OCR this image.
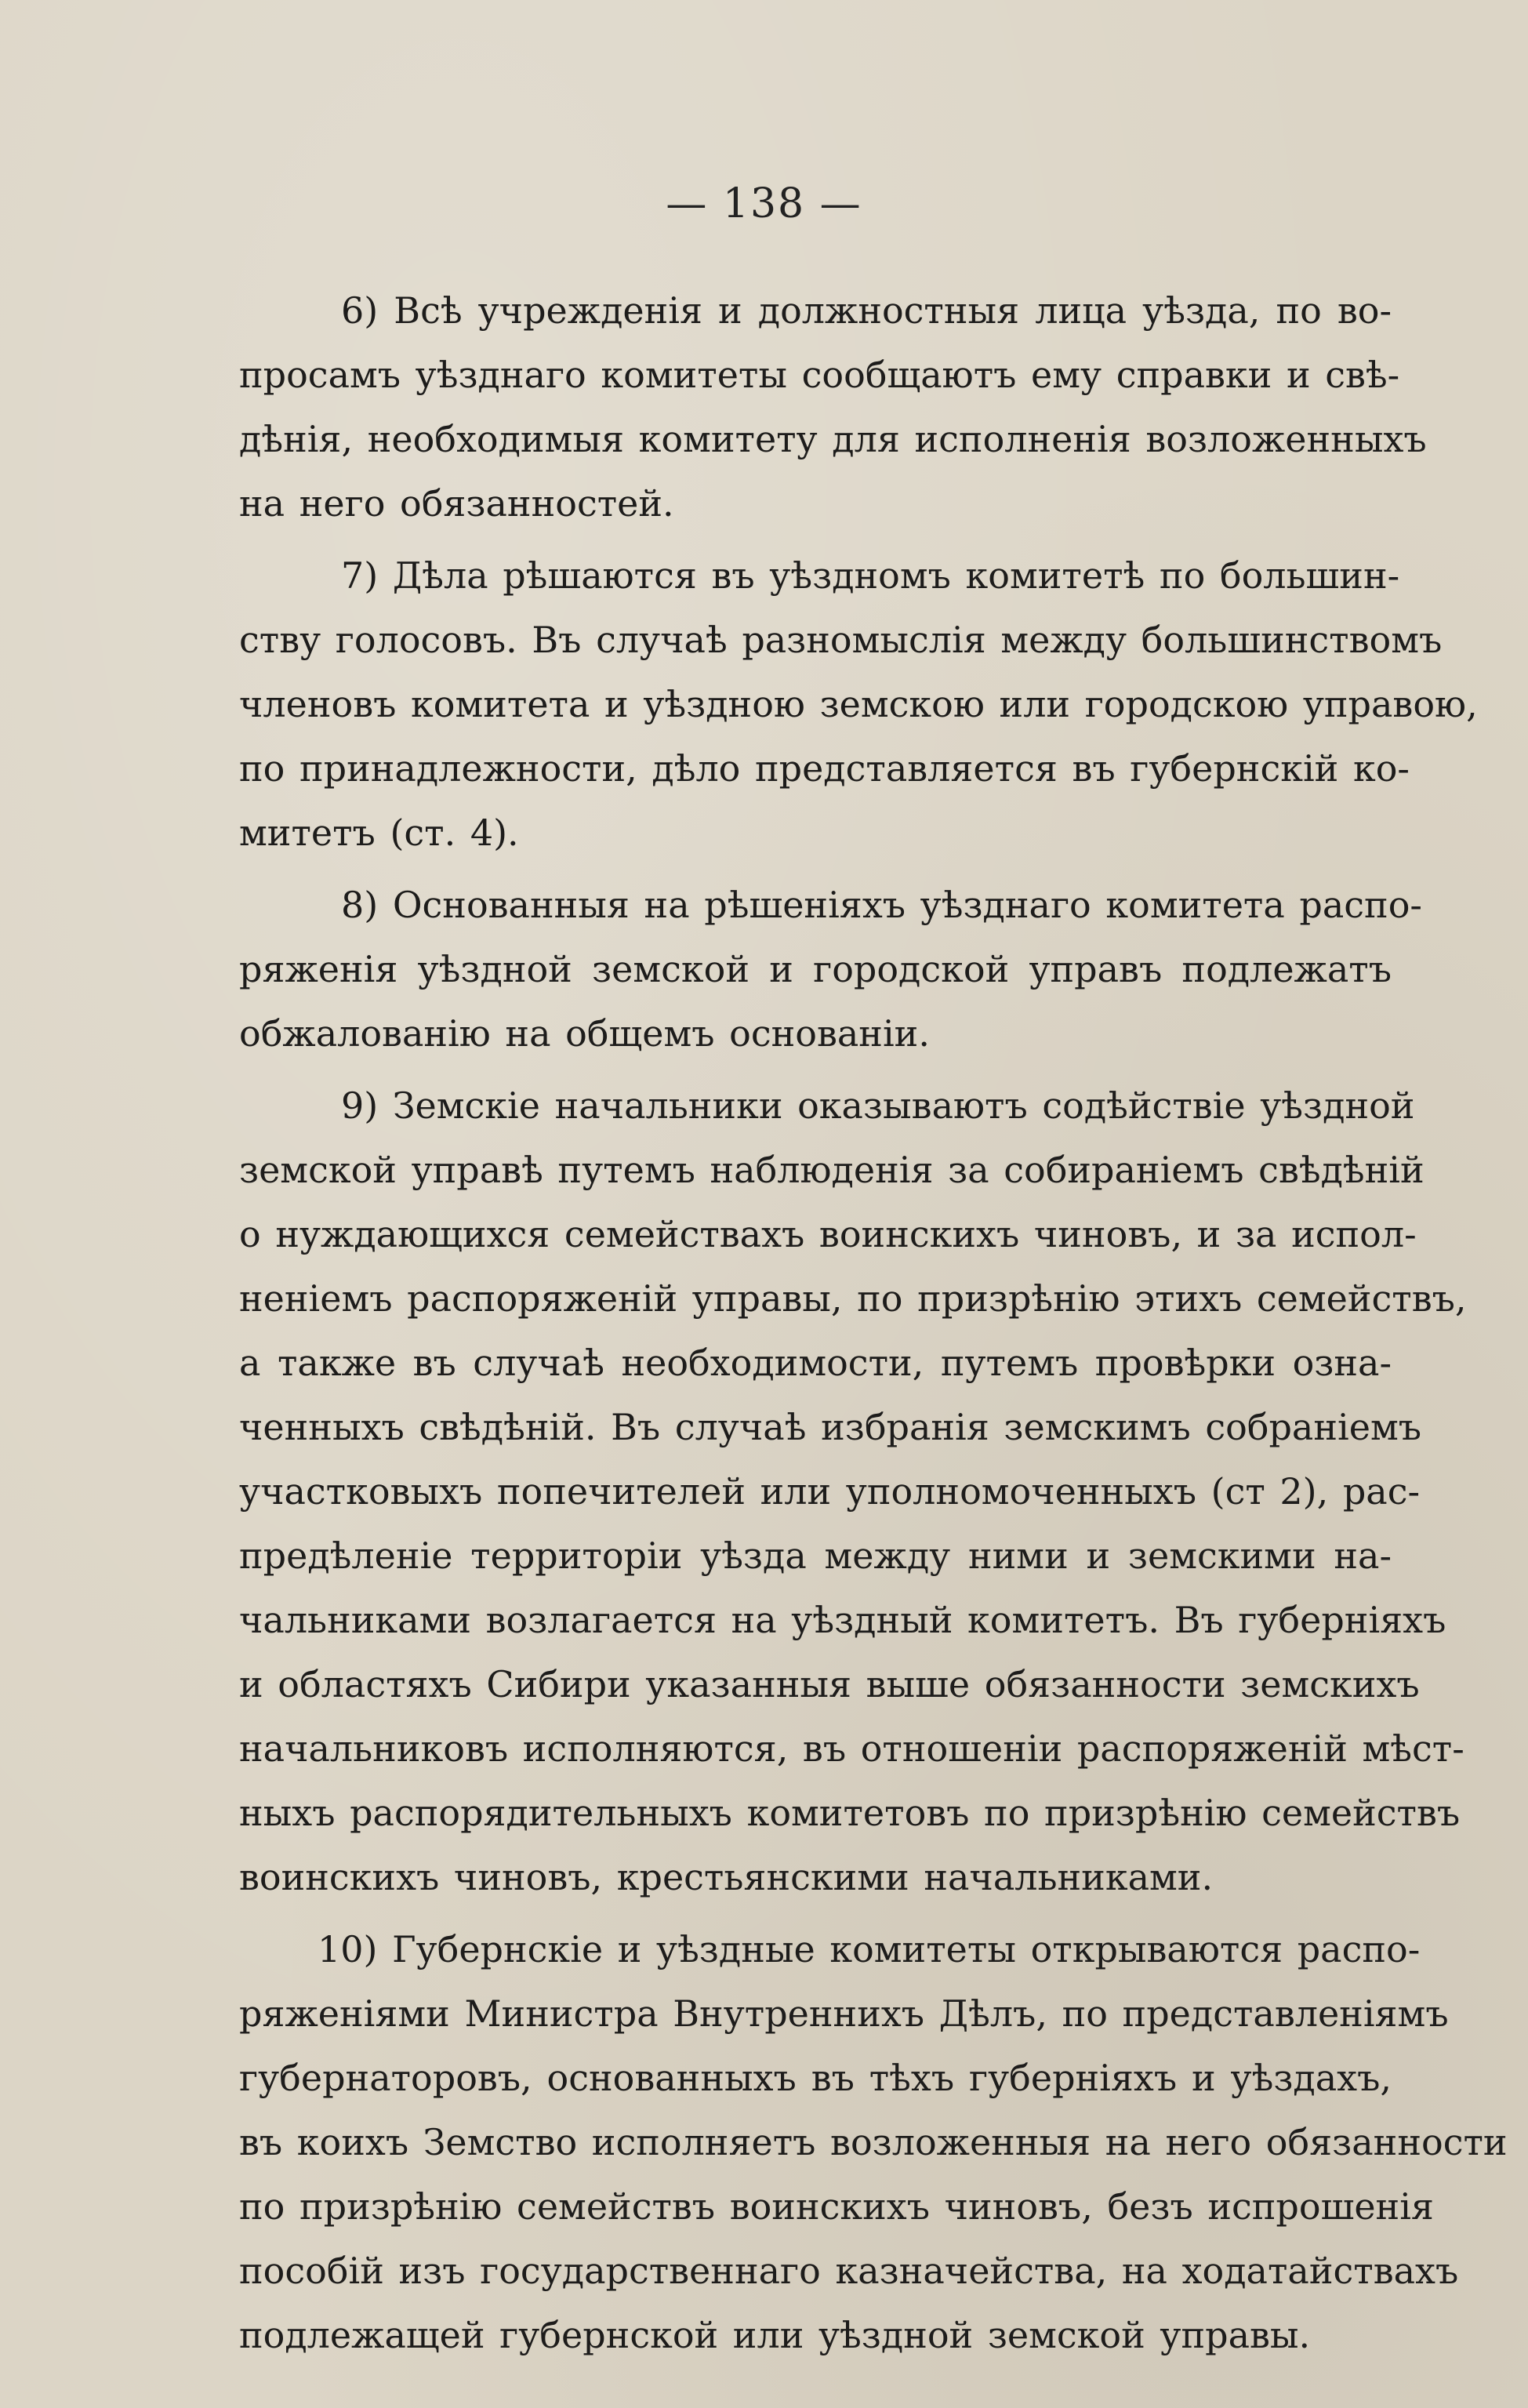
— 138 —
6) Всѣ учрежденія и должностныя лица уѣзда, по во-
просамъ уѣзднаго комитеты сообщаютъ ему справки и свѣ-
дѣнія, необходимыя комитету для исполненія возложенныхъ
на него обязанностей.
7) Дѣла рѣшаются въ уѣздномъ комитетѣ по большин-
ству голосовъ. Въ случаѣ разномыслія между большинствомъ
членовъ комитета и уѣздною земскою или городскою управою,
по принадлежности, дѣло представляется въ губернскій ко-
митетъ (ст. 4).
8) Основанныя на рѣшеніяхъ уѣзднаго комитета распо-
ряженія уѣздной земской и городской управъ подлежатъ
обжалованію на общемъ основаніи.
9) Земскіе начальники оказываютъ содѣйствіе уѣздной
земской управѣ путемъ наблюденія за собираніемъ свѣдѣній
о нуждающихся семействахъ воинскихъ чиновъ, и за испол-
неніемъ распоряженій управы, по призрѣнію этихъ семействъ,
а также въ случаѣ необходимости, путемъ провѣрки озна-
ченныхъ свѣдѣній. Въ случаѣ избранія земскимъ собраніемъ
участковыхъ попечителей или уполномоченныхъ (ст 2), рас-
предѣленіе территоріи уѣзда между ними и земскими на-
чальниками возлагается на уѣздный комитетъ. Въ губерніяхъ
и областяхъ Сибири указанныя выше обязанности земскихъ
начальниковъ исполняются, въ отношеніи распоряженій мѣст-
ныхъ распорядительныхъ комитетовъ по призрѣнію семействъ
воинскихъ чиновъ, крестьянскими начальниками.
10) Губернскіе и уѣздные комитеты открываются распо-
ряженіями Министра Внутреннихъ Дѣлъ, по представленіямъ
губернаторовъ, основанныхъ въ тѣхъ губерніяхъ и уѣздахъ,
въ коихъ Земство исполняетъ возложенныя на него обязанности
по призрѣнію семействъ воинскихъ чиновъ, безъ испрошенія
пособій изъ государственнаго казначейства, на ходатайствахъ
подлежащей губернской или уѣздной земской управы.
